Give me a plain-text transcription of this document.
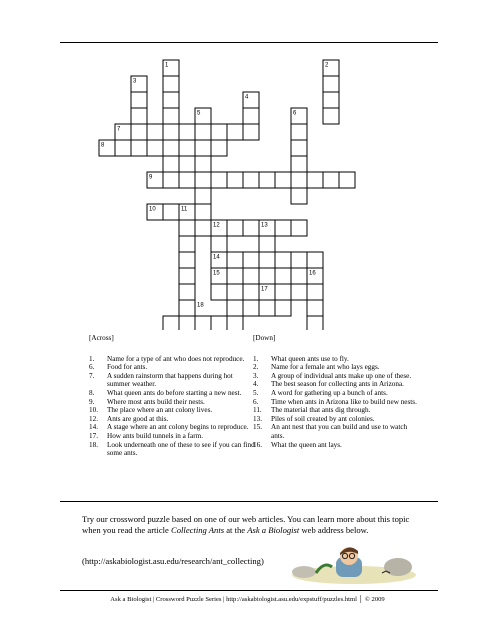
1	2
3
4
5	6
7
8
9
10	11
12	13
14
15	16
17
18
[Across]
1.	Name for a type of ant who does not reproduce.
6.	Food for ants.
7.	A sudden rainstorm that happens during hot summer weather.
8.	What queen ants do before starting a new nest.
9.	Where most ants build their nests.
10.	The place where an ant colony lives.
12.	Ants are good at this.
14.	A stage where an ant colony begins to reproduce.
17.	How ants build tunnels in a farm.
18.	Look underneath one of these to see if you can find some ants.
[Down]
1.	What queen ants use to fly.
2.	Name for a female ant who lays eggs.
3.	A group of individual ants make up one of these.
4.	The best season for collecting ants in Arizona.
5.	A word for gathering up a bunch of ants.
6.	Time when ants in Arizona like to build new nests.
11.	The material that ants dig through.
13.	Piles of soil created by ant colonies.
15.	An ant nest that you can build and use to watch ants.
16.	What the queen ant lays.
Try our crossword puzzle based on one of our web articles. You can learn more about this topic when you read the article Collecting Ants at the Ask a Biologist web address below.
(http://askabiologist.asu.edu/research/ant_collecting)
Ask a Biologist | Crossword Puzzle Series | http://askabiologist.asu.edu/expstuff/puzzles.html │ © 2009
